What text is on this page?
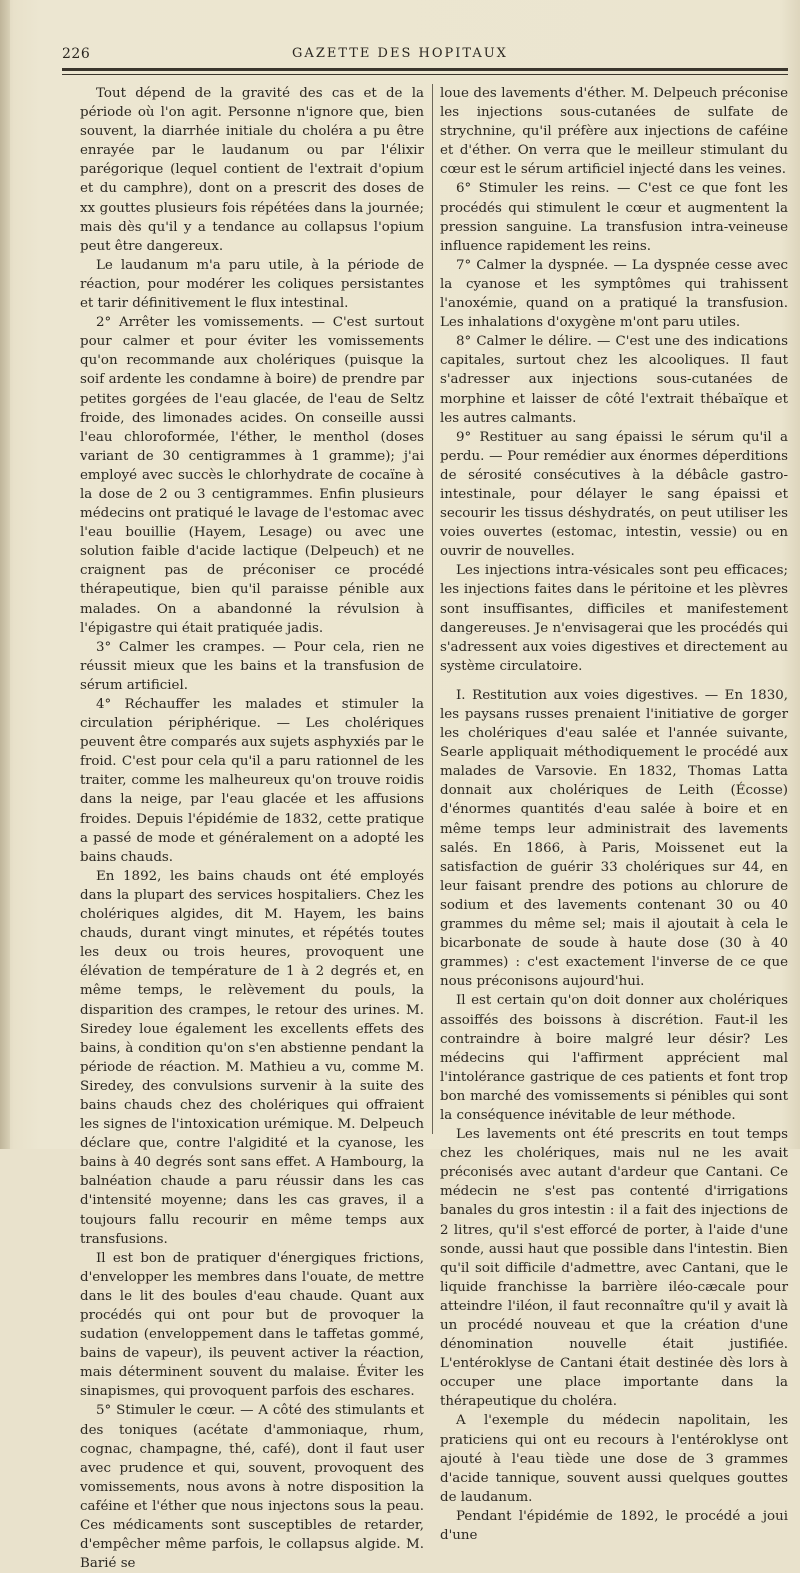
226	GAZETTE DES HOPITAUX

Tout dépend de la gravité des cas et de la période où l'on agit. Personne n'ignore que, bien souvent, la diarrhée initiale du choléra a pu être enrayée par le laudanum ou par l'élixir parégorique (lequel contient de l'extrait d'opium et du camphre), dont on a prescrit des doses de xx gouttes plusieurs fois répétées dans la journée; mais dès qu'il y a tendance au collapsus l'opium peut être dangereux.

Le laudanum m'a paru utile, à la période de réaction, pour modérer les coliques persistantes et tarir définitivement le flux intestinal.

2° Arrêter les vomissements. — C'est surtout pour calmer et pour éviter les vomissements qu'on recommande aux cholériques (puisque la soif ardente les condamne à boire) de prendre par petites gorgées de l'eau glacée, de l'eau de Seltz froide, des limonades acides. On conseille aussi l'eau chloroformée, l'éther, le menthol (doses variant de 30 centigrammes à 1 gramme); j'ai employé avec succès le chlorhydrate de cocaïne à la dose de 2 ou 3 centigrammes. Enfin plusieurs médecins ont pratiqué le lavage de l'estomac avec l'eau bouillie (Hayem, Lesage) ou avec une solution faible d'acide lactique (Delpeuch) et ne craignent pas de préconiser ce procédé thérapeutique, bien qu'il paraisse pénible aux malades. On a abandonné la révulsion à l'épigastre qui était pratiquée jadis.

3° Calmer les crampes. — Pour cela, rien ne réussit mieux que les bains et la transfusion de sérum artificiel.

4° Réchauffer les malades et stimuler la circulation périphérique. — Les cholériques peuvent être comparés aux sujets asphyxiés par le froid. C'est pour cela qu'il a paru rationnel de les traiter, comme les malheureux qu'on trouve roidis dans la neige, par l'eau glacée et les affusions froides. Depuis l'épidémie de 1832, cette pratique a passé de mode et généralement on a adopté les bains chauds.

En 1892, les bains chauds ont été employés dans la plupart des services hospitaliers. Chez les cholériques algides, dit M. Hayem, les bains chauds, durant vingt minutes, et répétés toutes les deux ou trois heures, provoquent une élévation de température de 1 à 2 degrés et, en même temps, le relèvement du pouls, la disparition des crampes, le retour des urines. M. Siredey loue également les excellents effets des bains, à condition qu'on s'en abstienne pendant la période de réaction. M. Mathieu a vu, comme M. Siredey, des convulsions survenir à la suite des bains chauds chez des cholériques qui offraient les signes de l'intoxication urémique. M. Delpeuch déclare que, contre l'algidité et la cyanose, les bains à 40 degrés sont sans effet. A Hambourg, la balnéation chaude a paru réussir dans les cas d'intensité moyenne; dans les cas graves, il a toujours fallu recourir en même temps aux transfusions.

Il est bon de pratiquer d'énergiques frictions, d'envelopper les membres dans l'ouate, de mettre dans le lit des boules d'eau chaude. Quant aux procédés qui ont pour but de provoquer la sudation (enveloppement dans le taffetas gommé, bains de vapeur), ils peuvent activer la réaction, mais déterminent souvent du malaise. Éviter les sinapismes, qui provoquent parfois des eschares.

5° Stimuler le cœur. — A côté des stimulants et des toniques (acétate d'ammoniaque, rhum, cognac, champagne, thé, café), dont il faut user avec prudence et qui, souvent, provoquent des vomissements, nous avons à notre disposition la caféine et l'éther que nous injectons sous la peau. Ces médicaments sont susceptibles de retarder, d'empêcher même parfois, le collapsus algide. M. Barié se

loue des lavements d'éther. M. Delpeuch préconise les injections sous-cutanées de sulfate de strychnine, qu'il préfère aux injections de caféine et d'éther. On verra que le meilleur stimulant du cœur est le sérum artificiel injecté dans les veines.

6° Stimuler les reins. — C'est ce que font les procédés qui stimulent le cœur et augmentent la pression sanguine. La transfusion intra-veineuse influence rapidement les reins.

7° Calmer la dyspnée. — La dyspnée cesse avec la cyanose et les symptômes qui trahissent l'anoxémie, quand on a pratiqué la transfusion. Les inhalations d'oxygène m'ont paru utiles.

8° Calmer le délire. — C'est une des indications capitales, surtout chez les alcooliques. Il faut s'adresser aux injections sous-cutanées de morphine et laisser de côté l'extrait thébaïque et les autres calmants.

9° Restituer au sang épaissi le sérum qu'il a perdu. — Pour remédier aux énormes déperditions de sérosité consécutives à la débâcle gastro-intestinale, pour délayer le sang épaissi et secourir les tissus déshydratés, on peut utiliser les voies ouvertes (estomac, intestin, vessie) ou en ouvrir de nouvelles.

Les injections intra-vésicales sont peu efficaces; les injections faites dans le péritoine et les plèvres sont insuffisantes, difficiles et manifestement dangereuses. Je n'envisagerai que les procédés qui s'adressent aux voies digestives et directement au système circulatoire.

I. Restitution aux voies digestives. — En 1830, les paysans russes prenaient l'initiative de gorger les cholériques d'eau salée et l'année suivante, Searle appliquait méthodiquement le procédé aux malades de Varsovie. En 1832, Thomas Latta donnait aux cholériques de Leith (Écosse) d'énormes quantités d'eau salée à boire et en même temps leur administrait des lavements salés. En 1866, à Paris, Moissenet eut la satisfaction de guérir 33 cholériques sur 44, en leur faisant prendre des potions au chlorure de sodium et des lavements contenant 30 ou 40 grammes du même sel; mais il ajoutait à cela le bicarbonate de soude à haute dose (30 à 40 grammes) : c'est exactement l'inverse de ce que nous préconisons aujourd'hui.

Il est certain qu'on doit donner aux cholériques assoiffés des boissons à discrétion. Faut-il les contraindre à boire malgré leur désir? Les médecins qui l'affirment apprécient mal l'intolérance gastrique de ces patients et font trop bon marché des vomissements si pénibles qui sont la conséquence inévitable de leur méthode.

Les lavements ont été prescrits en tout temps chez les cholériques, mais nul ne les avait préconisés avec autant d'ardeur que Cantani. Ce médecin ne s'est pas contenté d'irrigations banales du gros intestin : il a fait des injections de 2 litres, qu'il s'est efforcé de porter, à l'aide d'une sonde, aussi haut que possible dans l'intestin. Bien qu'il soit difficile d'admettre, avec Cantani, que le liquide franchisse la barrière iléo-cæcale pour atteindre l'iléon, il faut reconnaître qu'il y avait là un procédé nouveau et que la création d'une dénomination nouvelle était justifiée. L'entéroklyse de Cantani était destinée dès lors à occuper une place importante dans la thérapeutique du choléra.

A l'exemple du médecin napolitain, les praticiens qui ont eu recours à l'entéroklyse ont ajouté à l'eau tiède une dose de 3 grammes d'acide tannique, souvent aussi quelques gouttes de laudanum.

Pendant l'épidémie de 1892, le procédé a joui d'une
